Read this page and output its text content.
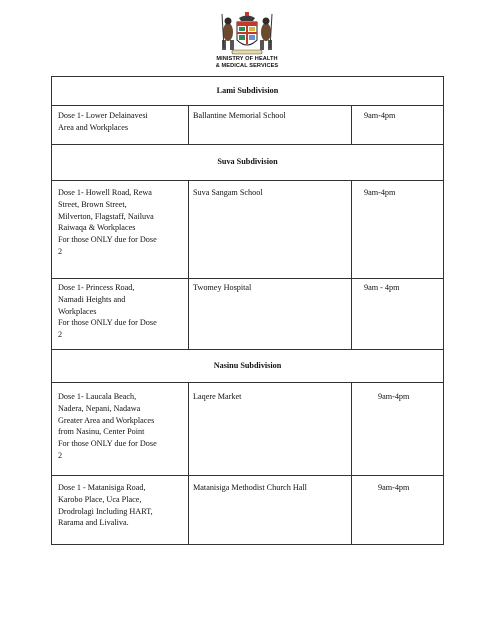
MINISTRY OF HEALTH
& MEDICAL SERVICES
Lami Subdivision
Dose 1- Lower Delainavesi
Area and Workplaces
Ballantine Memorial School	9am-4pm
Suva Subdivision
Dose 1- Howell Road, Rewa
Street, Brown Street,
Milverton, Flagstaff, Nailuva
Raiwaqa & Workplaces
For those ONLY due for Dose
2
Suva Sangam School	9am-4pm
Dose 1- Princess Road,
Namadi Heights and
Workplaces
For those ONLY due for Dose
2
Twomey Hospital	9am - 4pm
Nasinu Subdivision
Dose 1- Laucala Beach,
Nadera, Nepani, Nadawa
Greater Area and Workplaces
from Nasinu, Center Point
For those ONLY due for Dose
2
Laqere Market	9am-4pm
Dose 1 - Matanisiga Road,
Karobo Place, Uca Place,
Drodrolagi Including HART,
Rarama and Livaliva.
Matanisiga Methodist Church Hall	9am-4pm
